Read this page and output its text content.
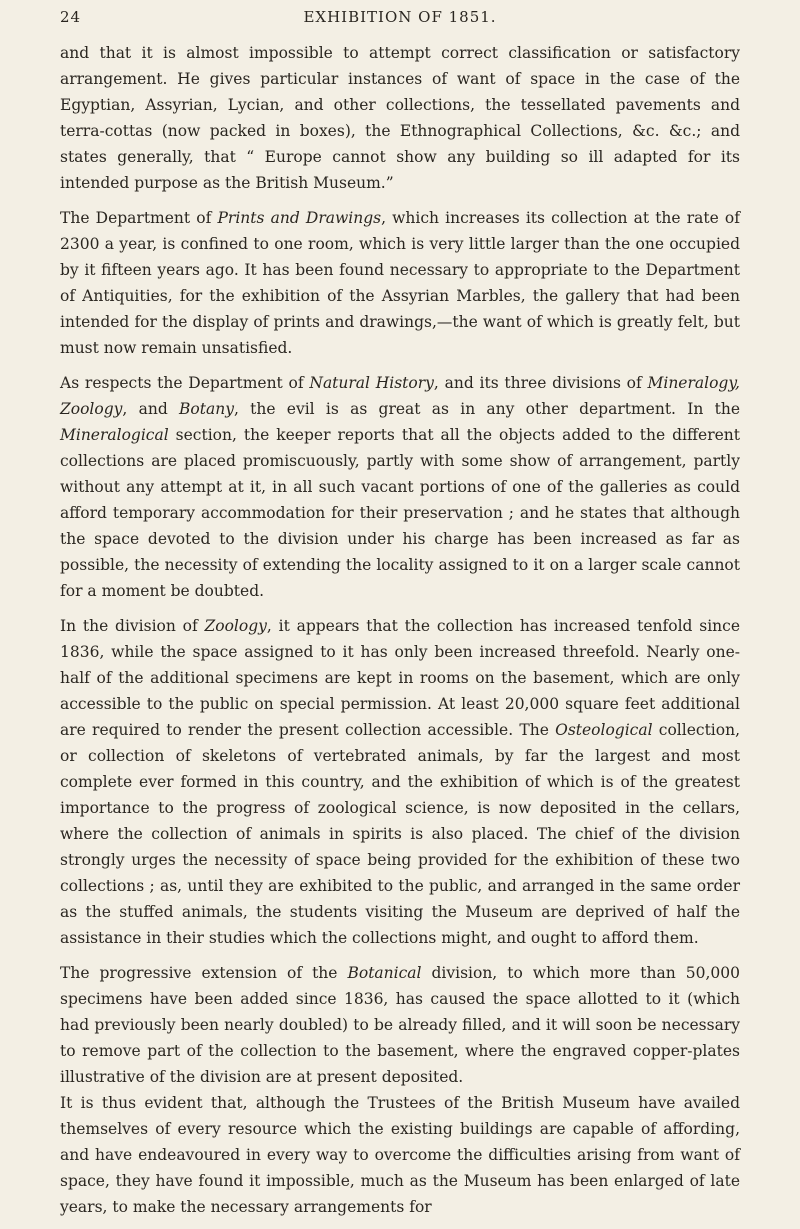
24	EXHIBITION OF 1851.

and that it is almost impossible to attempt correct classification or satisfactory arrangement. He gives particular instances of want of space in the case of the Egyptian, Assyrian, Lycian, and other collections, the tessellated pavements and terra-cottas (now packed in boxes), the Ethnographical Collections, &c. &c.; and states generally, that “ Europe cannot show any building so ill adapted for its intended purpose as the British Museum.”

The Department of Prints and Drawings, which increases its collection at the rate of 2300 a year, is confined to one room, which is very little larger than the one occupied by it fifteen years ago. It has been found necessary to appropriate to the Department of Antiquities, for the exhibition of the Assyrian Marbles, the gallery that had been intended for the display of prints and drawings,—the want of which is greatly felt, but must now remain unsatisfied.

As respects the Department of Natural History, and its three divisions of Mineralogy, Zoology, and Botany, the evil is as great as in any other department. In the Mineralogical section, the keeper reports that all the objects added to the different collections are placed promiscuously, partly with some show of arrangement, partly without any attempt at it, in all such vacant portions of one of the galleries as could afford temporary accommodation for their preservation ; and he states that although the space devoted to the division under his charge has been increased as far as possible, the necessity of extending the locality assigned to it on a larger scale cannot for a moment be doubted.

In the division of Zoology, it appears that the collection has increased tenfold since 1836, while the space assigned to it has only been increased threefold. Nearly one-half of the additional specimens are kept in rooms on the basement, which are only accessible to the public on special permission. At least 20,000 square feet additional are required to render the present collection accessible. The Osteological collection, or collection of skeletons of vertebrated animals, by far the largest and most complete ever formed in this country, and the exhibition of which is of the greatest importance to the progress of zoological science, is now deposited in the cellars, where the collection of animals in spirits is also placed. The chief of the division strongly urges the necessity of space being provided for the exhibition of these two collections ; as, until they are exhibited to the public, and arranged in the same order as the stuffed animals, the students visiting the Museum are deprived of half the assistance in their studies which the collections might, and ought to afford them.

The progressive extension of the Botanical division, to which more than 50,000 specimens have been added since 1836, has caused the space allotted to it (which had previously been nearly doubled) to be already filled, and it will soon be necessary to remove part of the collection to the basement, where the engraved copper-plates illustrative of the division are at present deposited.

It is thus evident that, although the Trustees of the British Museum have availed themselves of every resource which the existing buildings are capable of affording, and have endeavoured in every way to overcome the difficulties arising from want of space, they have found it impossible, much as the Museum has been enlarged of late years, to make the necessary arrangements for
